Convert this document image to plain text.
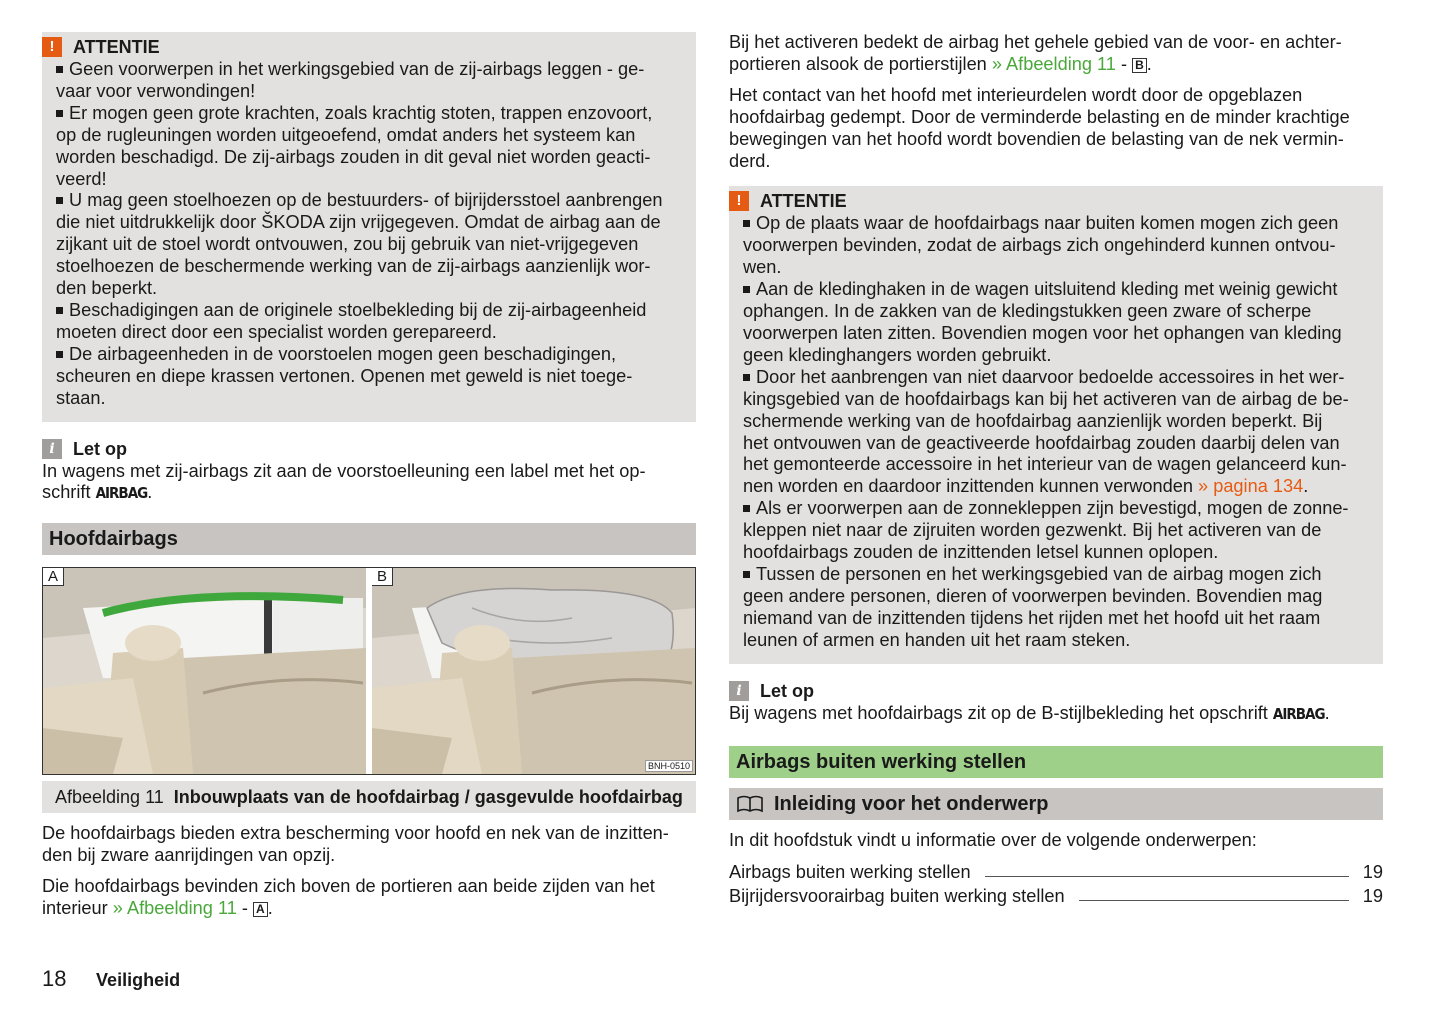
!	ATTENTIE

Geen voorwerpen in het werkingsgebied van de zij-airbags leggen - ge-

vaar voor verwondingen!

Er mogen geen grote krachten, zoals krachtig stoten, trappen enzovoort,

op de rugleuningen worden uitgeoefend, omdat anders het systeem kan

worden beschadigd. De zij-airbags zouden in dit geval niet worden geacti-

veerd!

U mag geen stoelhoezen op de bestuurders- of bijrijdersstoel aanbrengen

die niet uitdrukkelijk door ŠKODA zijn vrijgegeven. Omdat de airbag aan de

zijkant uit de stoel wordt ontvouwen, zou bij gebruik van niet-vrijgegeven

stoelhoezen de beschermende werking van de zij-airbags aanzienlijk wor-

den beperkt.

Beschadigingen aan de originele stoelbekleding bij de zij-airbageenheid

moeten direct door een specialist worden gerepareerd.

De airbageenheden in de voorstoelen mogen geen beschadigingen,

scheuren en diepe krassen vertonen. Openen met geweld is niet toege-

staan.

i	Let op

In wagens met zij-airbags zit aan de voorstoelleuning een label met het op-

schrift AIRBAG.

Hoofdairbags
A	B
BNH-0510
Afbeelding 11 Inbouwplaats van de hoofdairbag / gasgevulde hoofdairbag

De hoofdairbags bieden extra bescherming voor hoofd en nek van de inzitten-

den bij zware aanrijdingen van opzij.

Die hoofdairbags bevinden zich boven de portieren aan beide zijden van het

interieur » Afbeelding 11 - A .

Bij het activeren bedekt de airbag het gehele gebied van de voor- en achter-

portieren alsook de portierstijlen » Afbeelding 11 - B .

Het contact van het hoofd met interieurdelen wordt door de opgeblazen

hoofdairbag gedempt. Door de verminderde belasting en de minder krachtige

bewegingen van het hoofd wordt bovendien de belasting van de nek vermin-

derd.

!	ATTENTIE

Op de plaats waar de hoofdairbags naar buiten komen mogen zich geen

voorwerpen bevinden, zodat de airbags zich ongehinderd kunnen ontvou-

wen.

Aan de kledinghaken in de wagen uitsluitend kleding met weinig gewicht

ophangen. In de zakken van de kledingstukken geen zware of scherpe

voorwerpen laten zitten. Bovendien mogen voor het ophangen van kleding

geen kledinghangers worden gebruikt.

Door het aanbrengen van niet daarvoor bedoelde accessoires in het wer-

kingsgebied van de hoofdairbags kan bij het activeren van de airbag de be-

schermende werking van de hoofdairbag aanzienlijk worden beperkt. Bij

het ontvouwen van de geactiveerde hoofdairbag zouden daarbij delen van

het gemonteerde accessoire in het interieur van de wagen gelanceerd kun-

nen worden en daardoor inzittenden kunnen verwonden » pagina 134.

Als er voorwerpen aan de zonnekleppen zijn bevestigd, mogen de zonne-

kleppen niet naar de zijruiten worden gezwenkt. Bij het activeren van de

hoofdairbags zouden de inzittenden letsel kunnen oplopen.

Tussen de personen en het werkingsgebied van de airbag mogen zich

geen andere personen, dieren of voorwerpen bevinden. Bovendien mag

niemand van de inzittenden tijdens het rijden met het hoofd uit het raam

leunen of armen en handen uit het raam steken.

i	Let op

Bij wagens met hoofdairbags zit op de B-stijlbekleding het opschrift AIRBAG.

Airbags buiten werking stellen
Inleiding voor het onderwerp

In dit hoofdstuk vindt u informatie over de volgende onderwerpen:

Airbags buiten werking stellen	19
Bijrijdersvoorairbag buiten werking stellen	19
18 Veiligheid
